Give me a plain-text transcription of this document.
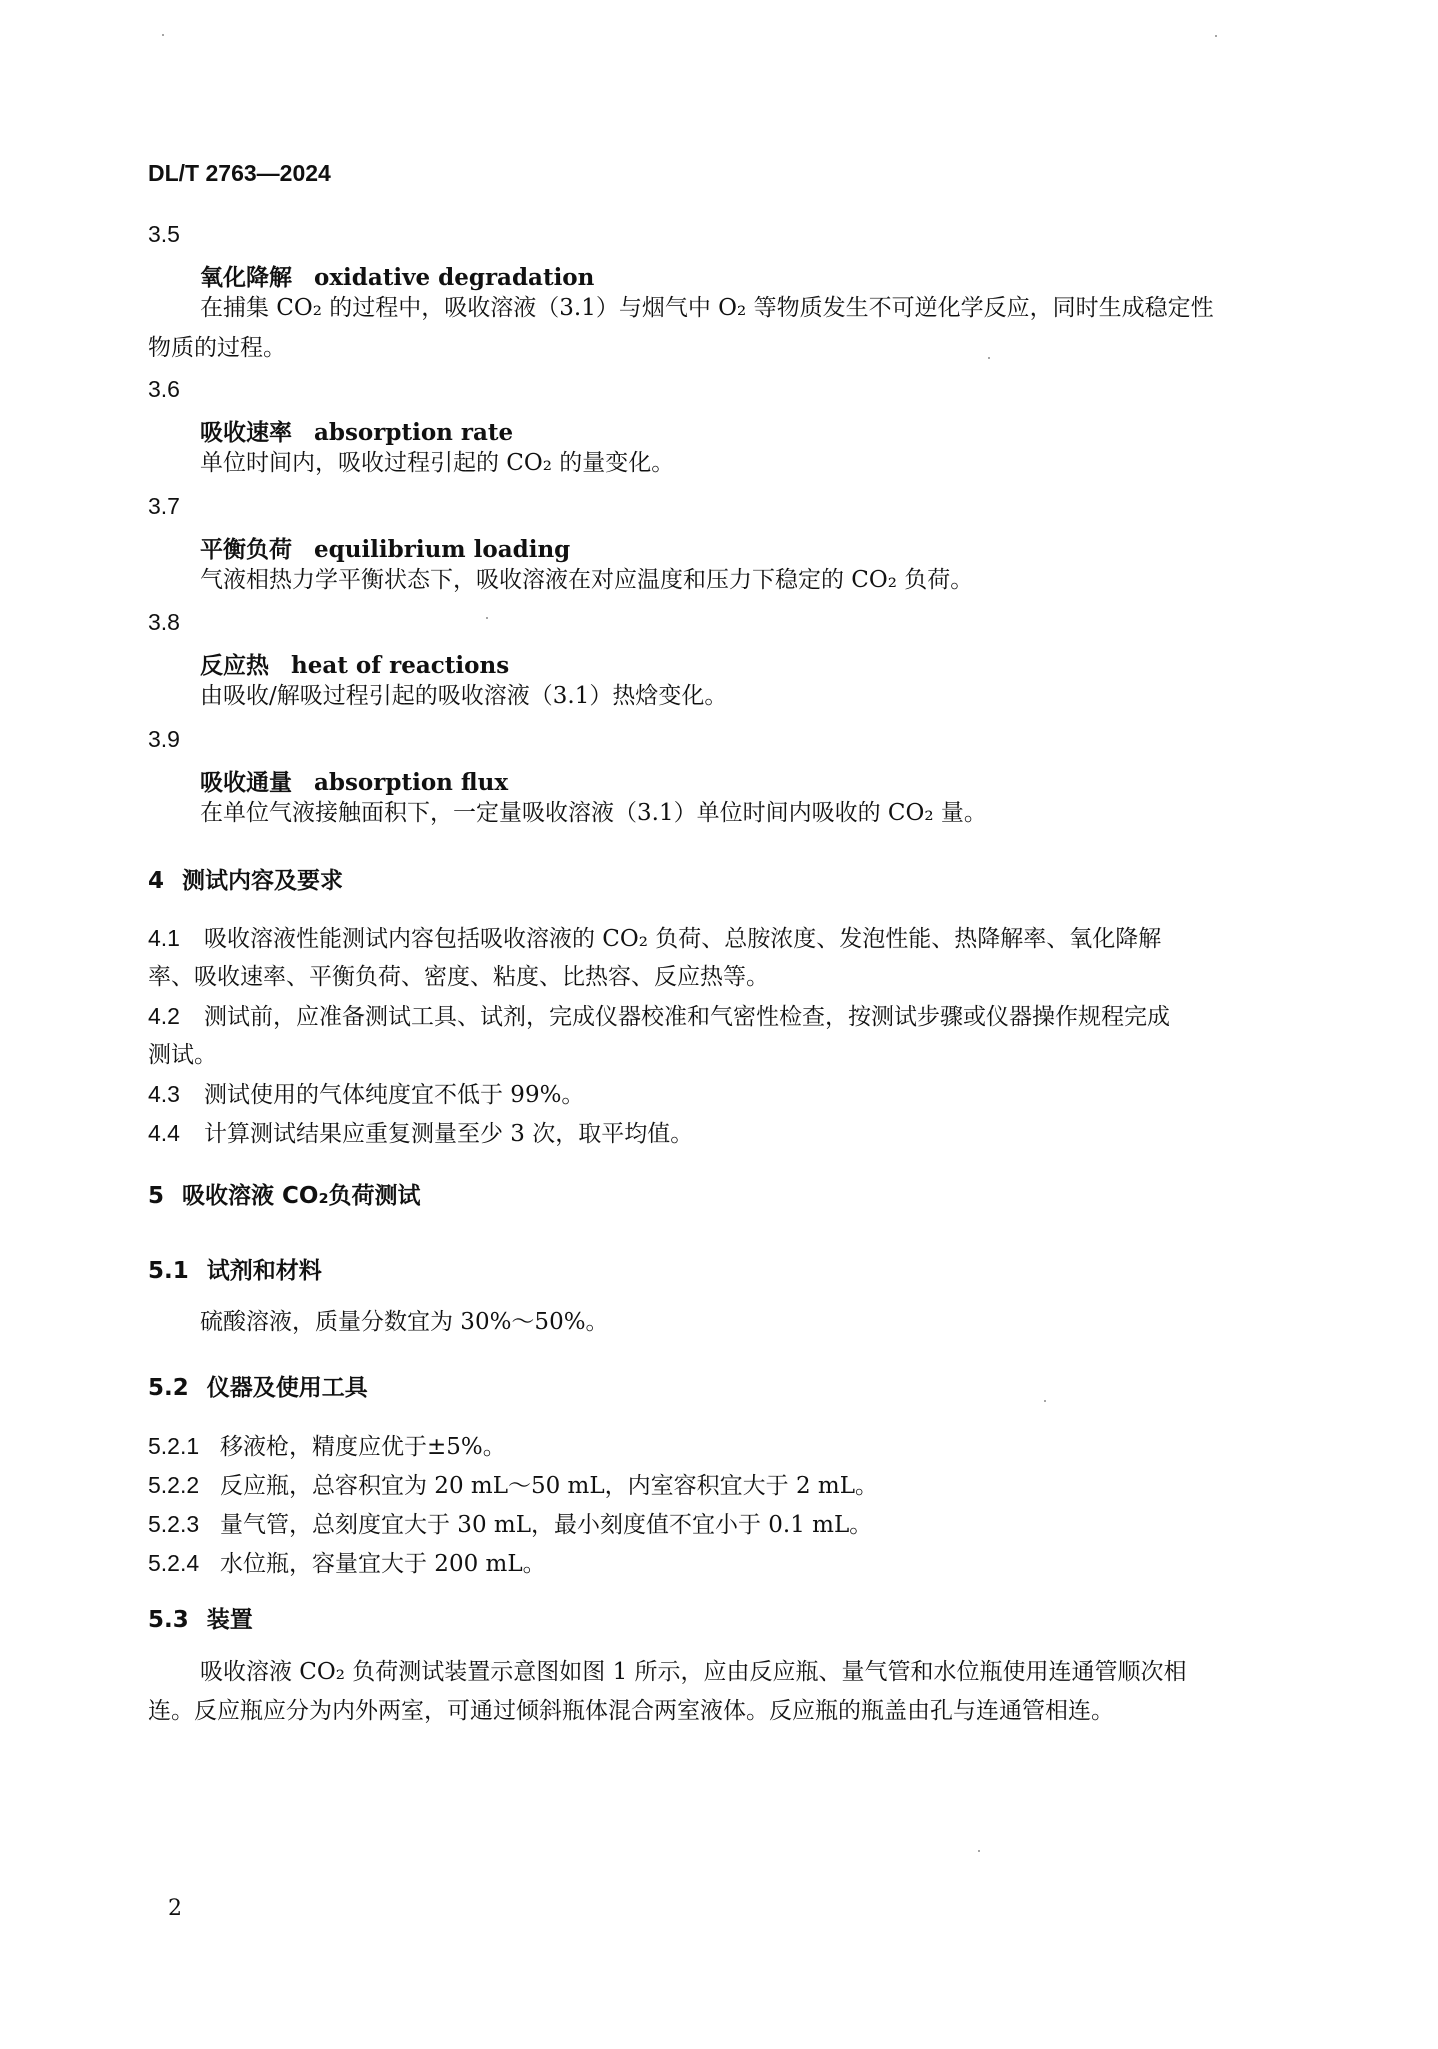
DL/T 2763—2024
3.5
氧化降解 oxidative degradation
在捕集 CO₂ 的过程中，吸收溶液（3.1）与烟气中 O₂ 等物质发生不可逆化学反应，同时生成稳定性
物质的过程。
3.6
吸收速率 absorption rate
单位时间内，吸收过程引起的 CO₂ 的量变化。
3.7
平衡负荷 equilibrium loading
气液相热力学平衡状态下，吸收溶液在对应温度和压力下稳定的 CO₂ 负荷。
3.8
反应热 heat of reactions
由吸收/解吸过程引起的吸收溶液（3.1）热焓变化。
3.9
吸收通量 absorption flux
在单位气液接触面积下，一定量吸收溶液（3.1）单位时间内吸收的 CO₂ 量。
4 测试内容及要求
4.1 吸收溶液性能测试内容包括吸收溶液的 CO₂ 负荷、总胺浓度、发泡性能、热降解率、氧化降解
率、吸收速率、平衡负荷、密度、粘度、比热容、反应热等。
4.2 测试前，应准备测试工具、试剂，完成仪器校准和气密性检查，按测试步骤或仪器操作规程完成
测试。
4.3 测试使用的气体纯度宜不低于 99%。
4.4 计算测试结果应重复测量至少 3 次，取平均值。
5 吸收溶液 CO₂负荷测试
5.1 试剂和材料
硫酸溶液，质量分数宜为 30%～50%。
5.2 仪器及使用工具
5.2.1 移液枪，精度应优于±5%。
5.2.2 反应瓶，总容积宜为 20 mL～50 mL，内室容积宜大于 2 mL。
5.2.3 量气管，总刻度宜大于 30 mL，最小刻度值不宜小于 0.1 mL。
5.2.4 水位瓶，容量宜大于 200 mL。
5.3 装置
吸收溶液 CO₂ 负荷测试装置示意图如图 1 所示，应由反应瓶、量气管和水位瓶使用连通管顺次相
连。反应瓶应分为内外两室，可通过倾斜瓶体混合两室液体。反应瓶的瓶盖由孔与连通管相连。
2
